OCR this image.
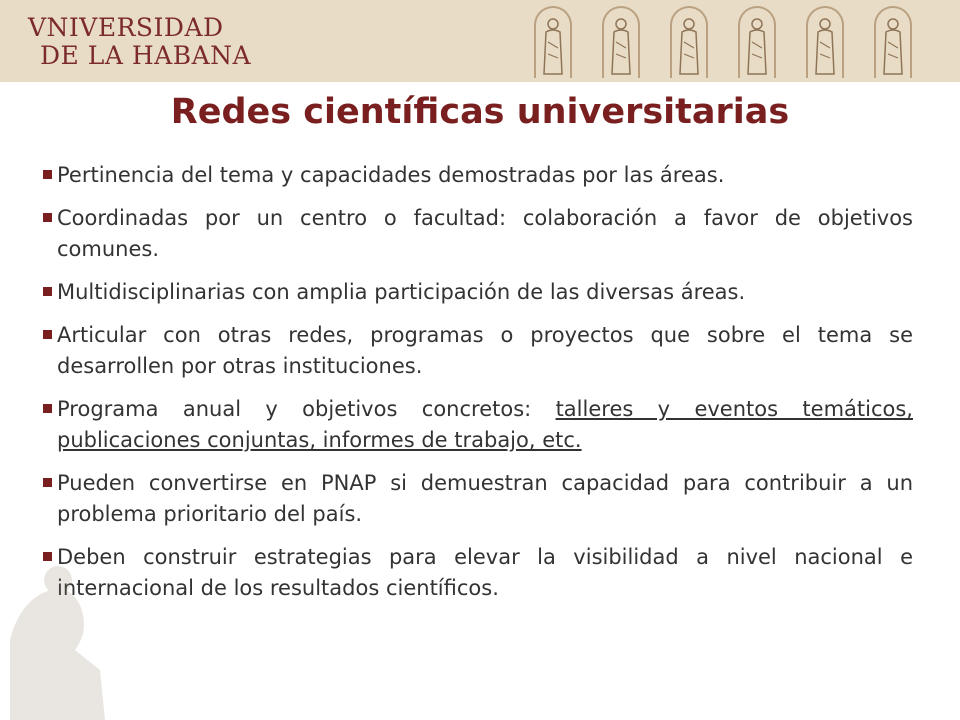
VNIVERSIDAD
DE LA HABANA
Redes científicas universitarias
Pertinencia del tema y capacidades demostradas por las áreas.
Coordinadas por un centro o facultad: colaboración a favor de objetivos comunes.
Multidisciplinarias con amplia participación de las diversas áreas.
Articular con otras redes, programas o proyectos que sobre el tema se desarrollen por otras instituciones.
Programa anual y objetivos concretos: talleres y eventos temáticos, publicaciones conjuntas, informes de trabajo, etc.
Pueden convertirse en PNAP si demuestran capacidad para contribuir a un problema prioritario del país.
Deben construir estrategias para elevar la visibilidad a nivel nacional e internacional de los resultados científicos.
